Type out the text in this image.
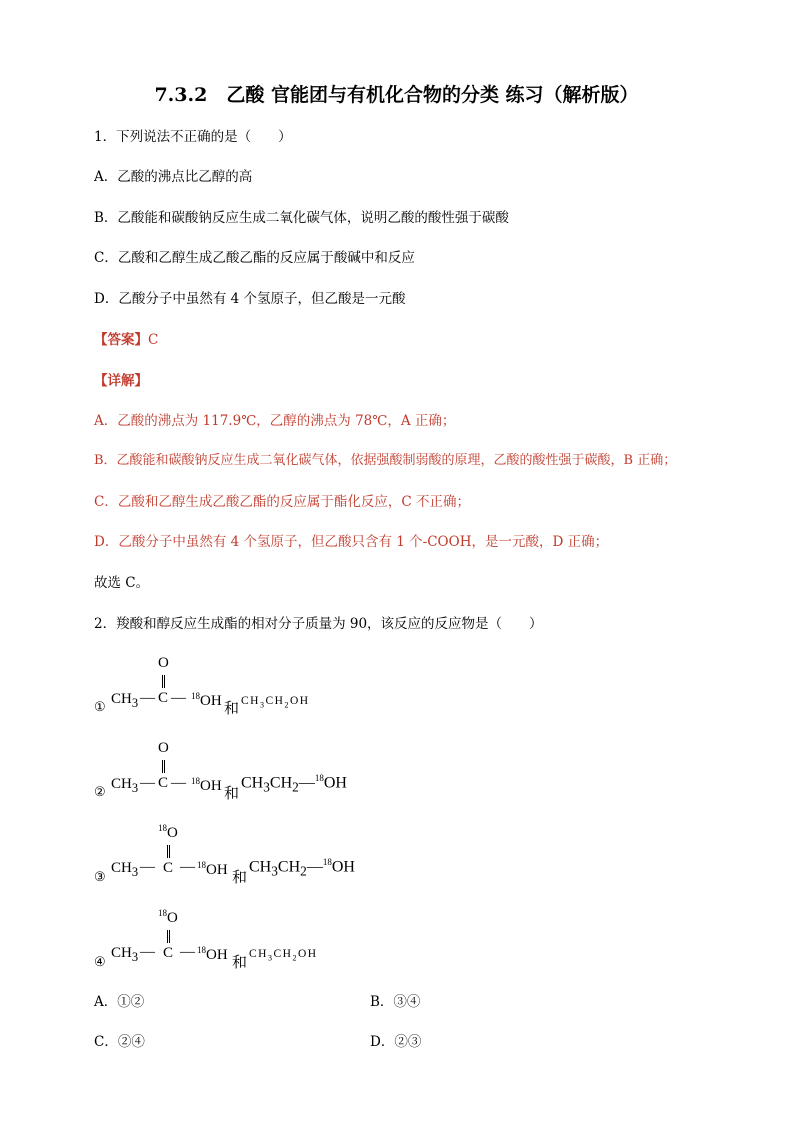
7.3.2　乙酸 官能团与有机化合物的分类 练习（解析版）
1．下列说法不正确的是（　　）
A．乙酸的沸点比乙醇的高
B．乙酸能和碳酸钠反应生成二氧化碳气体，说明乙酸的酸性强于碳酸
C．乙酸和乙醇生成乙酸乙酯的反应属于酸碱中和反应
D．乙酸分子中虽然有 4 个氢原子，但乙酸是一元酸
【答案】C
【详解】
A．乙酸的沸点为 117.9℃，乙醇的沸点为 78℃，A 正确；
B．乙酸能和碳酸钠反应生成二氧化碳气体，依据强酸制弱酸的原理，乙酸的酸性强于碳酸，B 正确；
C．乙酸和乙醇生成乙酸乙酯的反应属于酯化反应，C 不正确；
D．乙酸分子中虽然有 4 个氢原子，但乙酸只含有 1 个-COOH，是一元酸，D 正确；
故选 C。
2．羧酸和醇反应生成酯的相对分子质量为 90，该反应的反应物是（　　）
O
① $CH_3$ — C — $^{18}$OH 和 $CH_3CH_2OH$
O
② $CH_3$ — C — $^{18}$OH 和
$CH_3CH_2—^{18}OH$
$^{18}$O
③
$CH_3$ — C — $^{18}$OH 和
$CH_3CH_2—^{18}OH$
$^{18}$O
④
$CH_3$ — C — $^{18}$OH 和
$CH_3CH_2OH$
A．①②	B．③④
C．②④	D．②③
